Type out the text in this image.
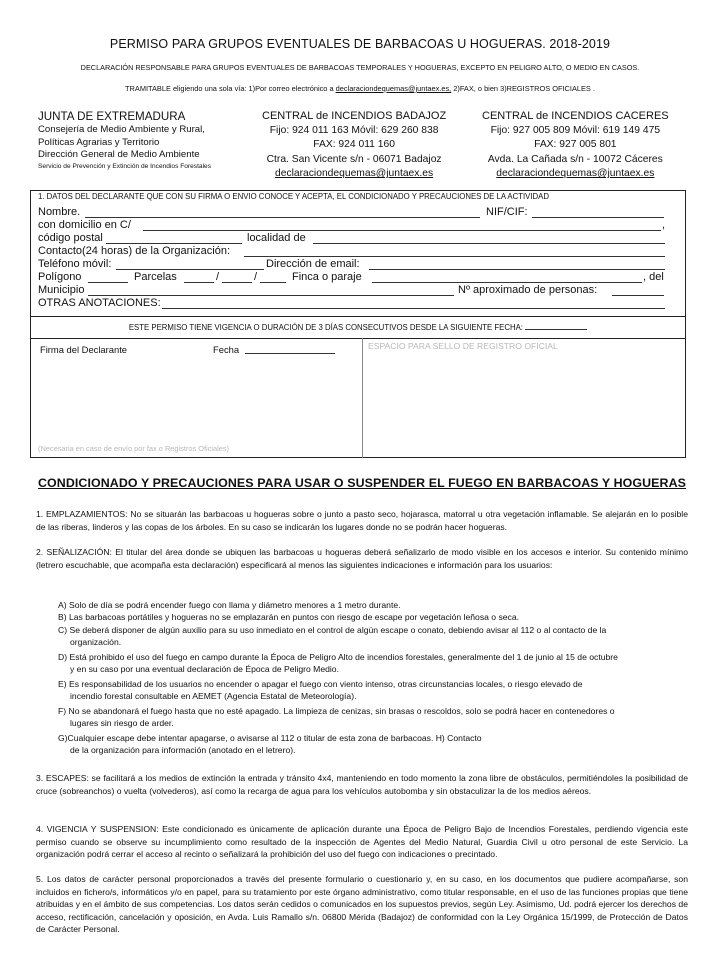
PERMISO PARA GRUPOS EVENTUALES DE BARBACOAS U HOGUERAS. 2018-2019
DECLARACIÓN RESPONSABLE PARA GRUPOS EVENTUALES DE BARBACOAS TEMPORALES Y HOGUERAS, EXCEPTO EN PELIGRO ALTO, O MEDIO EN CASOS.
TRAMITABLE eligiendo una sola vía: 1)Por correo electrónico a declaraciondequemas@juntaex.es, 2)FAX, o bien 3)REGISTROS OFICIALES .
JUNTA DE EXTREMADURA
Consejería de Medio Ambiente y Rural,
Políticas Agrarias y Territorio
Dirección General de Medio Ambiente
Servicio de Prevención y Extinción de Incendios Forestales
CENTRAL de INCENDIOS BADAJOZ
Fijo: 924 011 163 Móvil: 629 260 838
FAX: 924 011 160
Ctra. San Vicente s/n - 06071 Badajoz
declaraciondequemas@juntaex.es
CENTRAL de INCENDIOS CACERES
Fijo: 927 005 809 Móvil: 619 149 475
FAX: 927 005 801
Avda. La Cañada s/n - 10072 Cáceres
declaraciondequemas@juntaex.es
1. DATOS DEL DECLARANTE QUE CON SU FIRMA O ENVIO CONOCE Y ACEPTA, EL CONDICIONADO Y PRECAUCIONES DE LA ACTIVIDAD
Nombre.	NIF/CIF:
con domicilio en C/	,
código postal	localidad de
Contacto(24 horas) de la Organización:
Teléfono móvil:	Dirección de email:
Polígono	Parcelas	/	/	Finca o paraje	, del
Municipio	Nº aproximado de personas:
OTRAS ANOTACIONES:
ESTE PERMISO TIENE VIGENCIA O DURACIÓN DE 3 DÍAS CONSECUTIVOS DESDE LA SIGUIENTE FECHA:
Firma del Declarante	Fecha	ESPACIO PARA SELLO DE REGISTRO OFICIAL
(Necesaria en caso de envío por fax o Registros Oficiales)
CONDICIONADO Y PRECAUCIONES PARA USAR O SUSPENDER EL FUEGO EN BARBACOAS Y HOGUERAS
1. EMPLAZAMIENTOS: No se situarán las barbacoas u hogueras sobre o junto a pasto seco, hojarasca, matorral u otra vegetación inflamable. Se alejarán en lo posible de las riberas, linderos y las copas de los árboles. En su caso se indicarán los lugares donde no se podrán hacer hogueras.
2. SEÑALIZACIÓN: El titular del área donde se ubiquen las barbacoas u hogueras deberá señalizarlo de modo visible en los accesos e interior. Su contenido mínimo (letrero escuchable, que acompaña esta declaración) especificará al menos las siguientes indicaciones e información para los usuarios:
A) Solo de día se podrá encender fuego con llama y diámetro menores a 1 metro durante.
B) Las barbacoas portátiles y hogueras no se emplazarán en puntos con riesgo de escape por vegetación leñosa o seca.
C) Se deberá disponer de algún auxilio para su uso inmediato en el control de algún escape o conato, debiendo avisar al 112 o al contacto de la
organización.
D) Está prohibido el uso del fuego en campo durante la Época de Peligro Alto de incendios forestales, generalmente del 1 de junio al 15 de octubre
y en su caso por una eventual declaración de Época de Peligro Medio.
E) Es responsabilidad de los usuarios no encender o apagar el fuego con viento intenso, otras circunstancias locales, o riesgo elevado de
incendio forestal consultable en AEMET (Agencia Estatal de Meteorología).
F) No se abandonará el fuego hasta que no esté apagado. La limpieza de cenizas, sin brasas o rescoldos, solo se podrá hacer en contenedores o
lugares sin riesgo de arder.
G)Cualquier escape debe intentar apagarse, o avisarse al 112 o titular de esta zona de barbacoas. H) Contacto
de la organización para información (anotado en el letrero).
3. ESCAPES: se facilitará a los medios de extinción la entrada y tránsito 4x4, manteniendo en todo momento la zona libre de obstáculos, permitiéndoles la posibilidad de cruce (sobreanchos) o vuelta (volvederos), así como la recarga de agua para los vehículos autobomba y sin obstaculizar la de los medios aéreos.
4. VIGENCIA Y SUSPENSION: Este condicionado es únicamente de aplicación durante una Época de Peligro Bajo de Incendios Forestales, perdiendo vigencia este permiso cuando se observe su incumplimiento como resultado de la inspección de Agentes del Medio Natural, Guardia Civil u otro personal de este Servicio. La organización podrá cerrar el acceso al recinto o señalizará la prohibición del uso del fuego con indicaciones o precintado.
5. Los datos de carácter personal proporcionados a través del presente formulario o cuestionario y, en su caso, en los documentos que pudiere acompañarse, son incluidos en fichero/s, informáticos y/o en papel, para su tratamiento por este órgano administrativo, como titular responsable, en el uso de las funciones propias que tiene atribuidas y en el ámbito de sus competencias. Los datos serán cedidos o comunicados en los supuestos previos, según Ley. Asimismo, Ud. podrá ejercer los derechos de acceso, rectificación, cancelación y oposición, en Avda. Luis Ramallo s/n. 06800 Mérida (Badajoz) de conformidad con la Ley Orgánica 15/1999, de Protección de Datos de Carácter Personal.
